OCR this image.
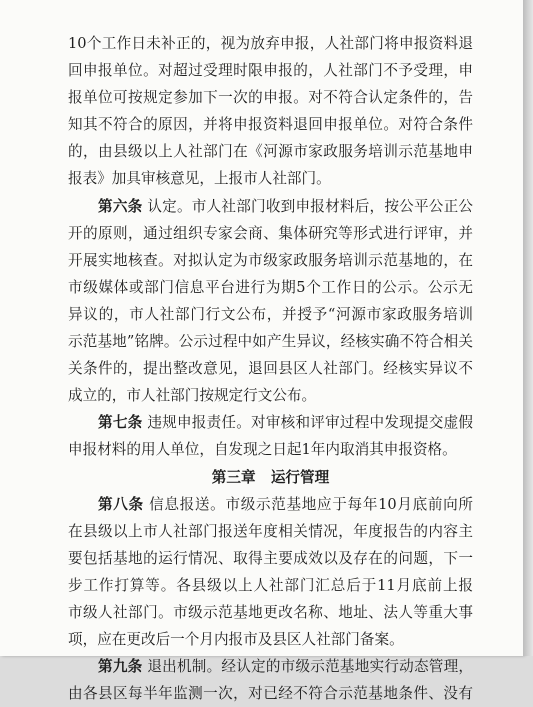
10个工作日未补正的，视为放弃申报，人社部门将申报资料退
回申报单位。对超过受理时限申报的，人社部门不予受理，申
报单位可按规定参加下一次的申报。对不符合认定条件的，告
知其不符合的原因，并将申报资料退回申报单位。对符合条件
的，由县级以上人社部门在《河源市家政服务培训示范基地申
报表》加具审核意见，上报市人社部门。
第六条 认定。市人社部门收到申报材料后，按公平公正公
开的原则，通过组织专家会商、集体研究等形式进行评审，并
开展实地核查。对拟认定为市级家政服务培训示范基地的，在
市级媒体或部门信息平台进行为期5个工作日的公示。公示无
异议的，市人社部门行文公布，并授予“河源市家政服务培训
示范基地”铭牌。公示过程中如产生异议，经核实确不符合相关
关条件的，提出整改意见，退回县区人社部门。经核实异议不
成立的，市人社部门按规定行文公布。
第七条 违规申报责任。对审核和评审过程中发现提交虚假
申报材料的用人单位，自发现之日起1年内取消其申报资格。
第三章 运行管理
第八条 信息报送。市级示范基地应于每年10月底前向所
在县级以上市人社部门报送年度相关情况，年度报告的内容主
要包括基地的运行情况、取得主要成效以及存在的问题，下一
步工作打算等。各县级以上人社部门汇总后于11月底前上报
市级人社部门。市级示范基地更改名称、地址、法人等重大事
项，应在更改后一个月内报市及县区人社部门备案。
第九条 退出机制。经认定的市级示范基地实行动态管理，
由各县区每半年监测一次，对已经不符合示范基地条件、没有
